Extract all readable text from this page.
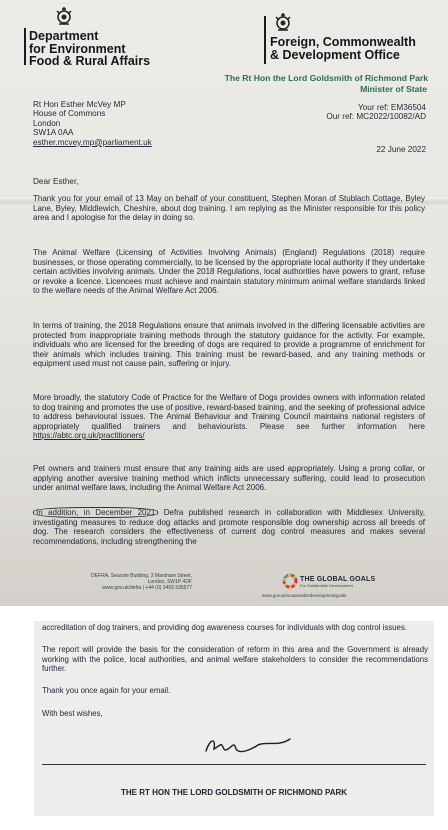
Department
for Environment
Food & Rural Affairs
Foreign, Commonwealth
& Development Office
The Rt Hon the Lord Goldsmith of Richmond Park
Minister of State
Rt Hon Esther McVey MP
House of Commons
London
SW1A 0AA
esther.mcvey.mp@parliament.uk
Your ref: EM36504
Our ref: MC2022/10082/AD
22 June 2022
Dear Esther,
Thank you for your email of 13 May on behalf of your constituent, Stephen Moran of Stublach Cottage, Byley Lane, Byley, Middlewich, Cheshire, about dog training. I am replying as the Minister responsible for this policy area and I apologise for the delay in doing so.
The Animal Welfare (Licensing of Activities Involving Animals) (England) Regulations (2018) require businesses, or those operating commercially, to be licensed by the appropriate local authority if they undertake certain activities involving animals. Under the 2018 Regulations, local authorities have powers to grant, refuse or revoke a licence. Licencees must achieve and maintain statutory minimum animal welfare standards linked to the welfare needs of the Animal Welfare Act 2006.
In terms of training, the 2018 Regulations ensure that animals involved in the differing licensable activities are protected from inappropriate training methods through the statutory guidance for the activity. For example, individuals who are licensed for the breeding of dogs are required to provide a programme of enrichment for their animals which includes training. This training must be reward-based, and any training methods or equipment used must not cause pain, suffering or injury.
More broadly, the statutory Code of Practice for the Welfare of Dogs provides owners with information related to dog training and promotes the use of positive, reward-based training, and the seeking of professional advice to address behavioural issues. The Animal Behaviour and Training Council maintains national registers of appropriately qualified trainers and behaviourists. Please see further information here https://abtc.org.uk/practitioners/
Pet owners and trainers must ensure that any training aids are used appropriately. Using a prong collar, or applying another aversive training method which inflicts unnecessary suffering, could lead to prosecution under animal welfare laws, including the Animal Welfare Act 2006.
In addition, in December 2021 Defra published research in collaboration with Middlesex University, investigating measures to reduce dog attacks and promote responsible dog ownership across all breeds of dog. The research considers the effectiveness of current dog control measures and makes several recommendations, including strengthening the
DEFRA, Seacole Building, 2 Marsham Street,
London, SW1P 4DF
www.gov.uk/defra | +44 (0) 3459 335577
THE GLOBAL GOALS
For Sustainable Development
www.gov.uk/sustainabledevelopmentgoals
accreditation of dog trainers, and providing dog awareness courses for individuals with dog control issues.
The report will provide the basis for the consideration of reform in this area and the Government is already working with the police, local authorities, and animal welfare stakeholders to consider the recommendations further.
Thank you once again for your email.
With best wishes,
THE RT HON THE LORD GOLDSMITH OF RICHMOND PARK
